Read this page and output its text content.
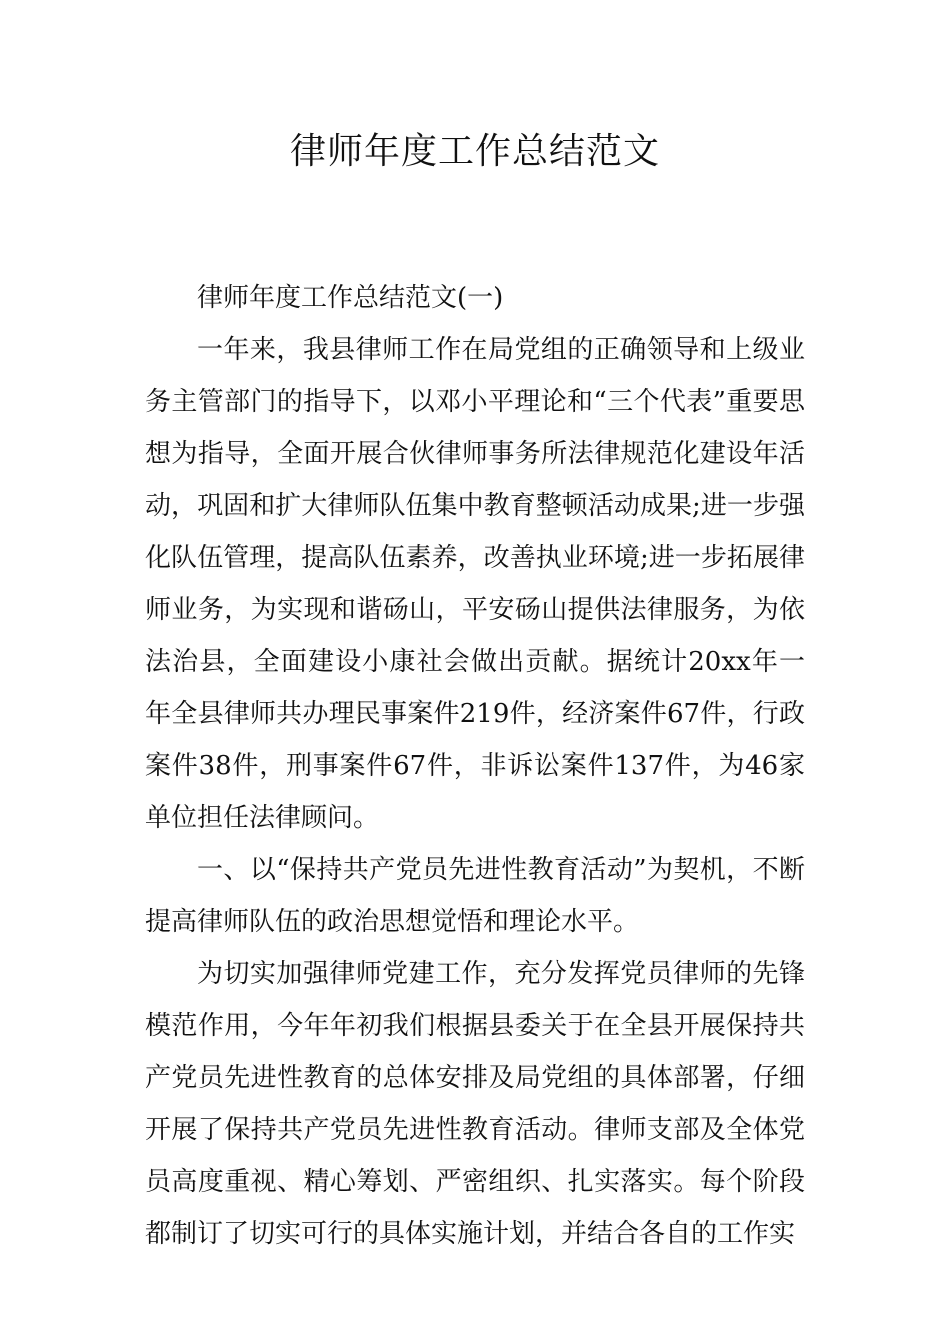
律师年度工作总结范文

律师年度工作总结范文(一)

一年来，我县律师工作在局党组的正确领导和上级业务主管部门的指导下，以邓小平理论和“三个代表”重要思想为指导，全面开展合伙律师事务所法律规范化建设年活动，巩固和扩大律师队伍集中教育整顿活动成果;进一步强化队伍管理，提高队伍素养，改善执业环境;进一步拓展律师业务，为实现和谐砀山，平安砀山提供法律服务，为依法治县，全面建设小康社会做出贡献。据统计20xx年一年全县律师共办理民事案件219件，经济案件67件，行政案件38件，刑事案件67件，非诉讼案件137件，为46家单位担任法律顾问。

一、以“保持共产党员先进性教育活动”为契机，不断提高律师队伍的政治思想觉悟和理论水平。

为切实加强律师党建工作，充分发挥党员律师的先锋模范作用，今年年初我们根据县委关于在全县开展保持共产党员先进性教育的总体安排及局党组的具体部署，仔细开展了保持共产党员先进性教育活动。律师支部及全体党员高度重视、精心筹划、严密组织、扎实落实。每个阶段都制订了切实可行的具体实施计划，并结合各自的工作实
